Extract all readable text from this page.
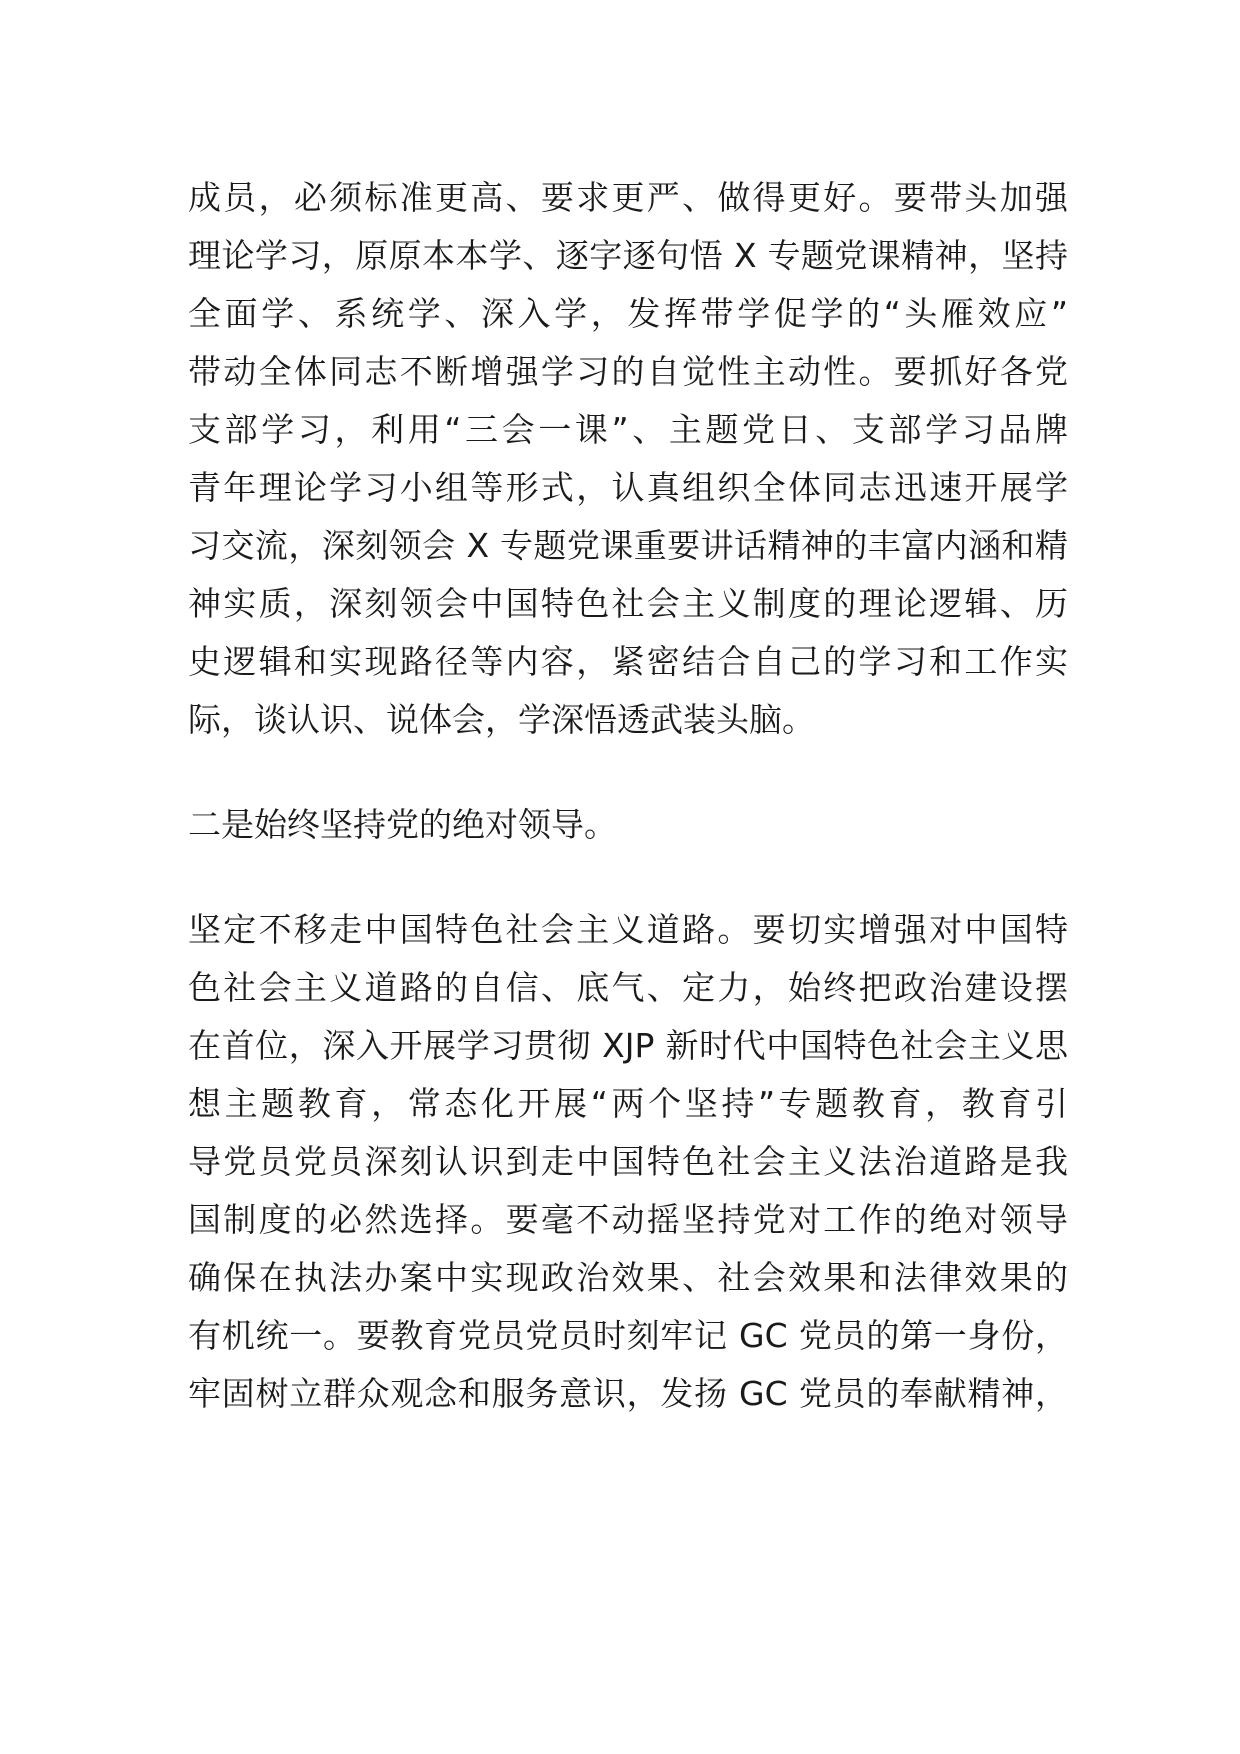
成员，必须标准更高、要求更严、做得更好。要带头加强
理论学习，原原本本学、逐字逐句悟 X 专题党课精神，坚持
全面学、系统学、深入学，发挥带学促学的“头雁效应”
带动全体同志不断增强学习的自觉性主动性。要抓好各党
支部学习，利用“三会一课”、主题党日、支部学习品牌
青年理论学习小组等形式，认真组织全体同志迅速开展学
习交流，深刻领会 X 专题党课重要讲话精神的丰富内涵和精
神实质，深刻领会中国特色社会主义制度的理论逻辑、历
史逻辑和实现路径等内容，紧密结合自己的学习和工作实
际，谈认识、说体会，学深悟透武装头脑。
二是始终坚持党的绝对领导。
坚定不移走中国特色社会主义道路。要切实增强对中国特
色社会主义道路的自信、底气、定力，始终把政治建设摆
在首位，深入开展学习贯彻 XJP 新时代中国特色社会主义思
想主题教育，常态化开展“两个坚持”专题教育，教育引
导党员党员深刻认识到走中国特色社会主义法治道路是我
国制度的必然选择。要毫不动摇坚持党对工作的绝对领导
确保在执法办案中实现政治效果、社会效果和法律效果的
有机统一。要教育党员党员时刻牢记 GC 党员的第一身份，
牢固树立群众观念和服务意识，发扬 GC 党员的奉献精神，
